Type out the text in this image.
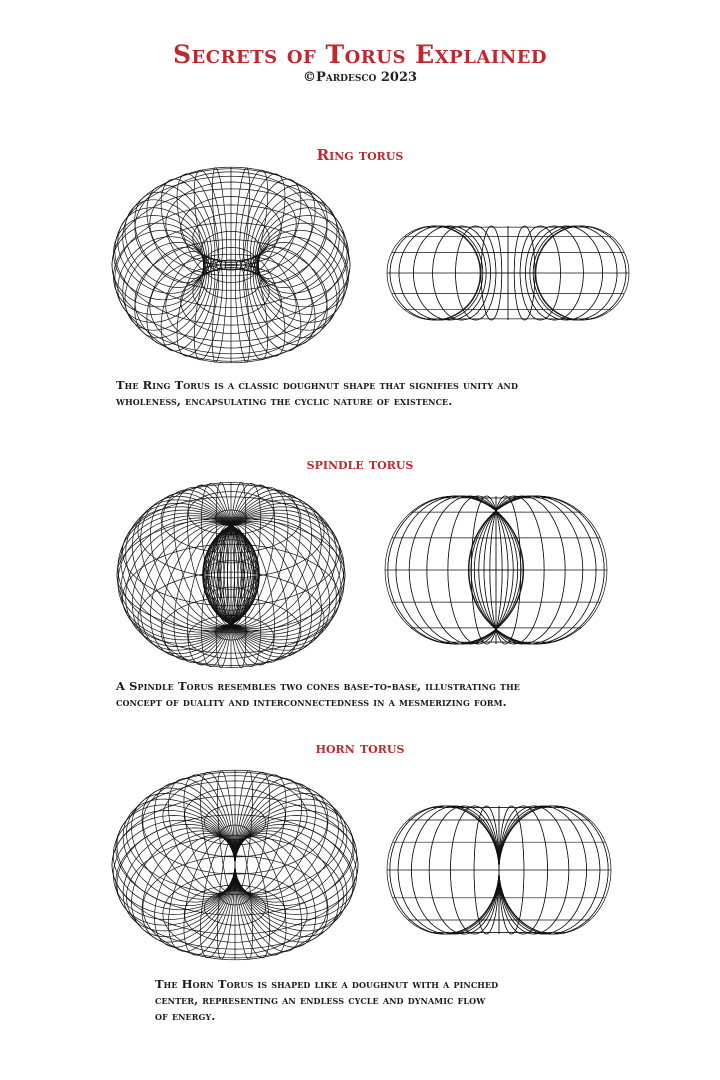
Secrets of Torus Explained
©Pardesco 2023
Ring torus
The Ring Torus is a classic doughnut shape that signifies unity and
wholeness, encapsulating the cyclic nature of existence.
spindle torus
A Spindle Torus resembles two cones base-to-base, illustrating the
concept of duality and interconnectedness in a mesmerizing form.
horn torus
The Horn Torus is shaped like a doughnut with a pinched
center, representing an endless cycle and dynamic flow
of energy.
